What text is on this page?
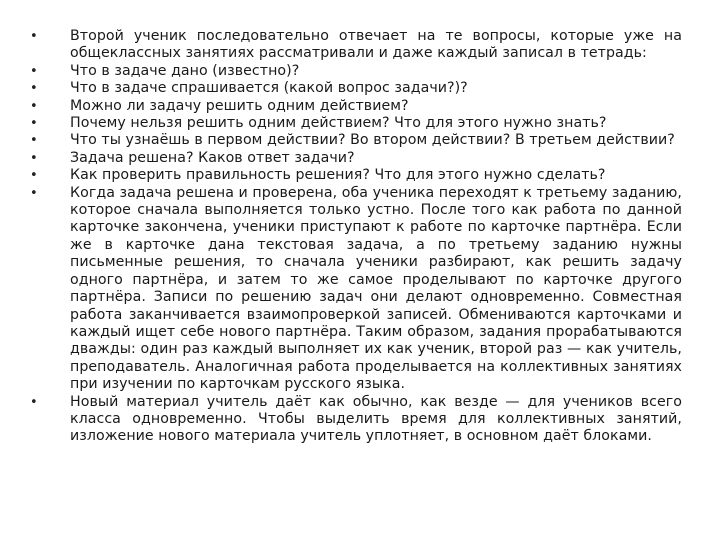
•	Второй ученик последовательно отвечает на те вопросы, которые уже на общеклассных занятиях рассматривали и даже каждый записал в тетрадь:
•	Что в задаче дано (известно)?
•	Что в задаче спрашивается (какой вопрос задачи?)?
•	Можно ли задачу решить одним действием?
•	Почему нельзя решить одним действием? Что для этого нужно знать?
•	Что ты узнаёшь в первом действии? Во втором действии? В третьем действии?
•	Задача решена? Каков ответ задачи?
•	Как проверить правильность решения? Что для этого нужно сделать?
•	Когда задача решена и проверена, оба ученика переходят к третьему заданию, которое сначала выполняется только устно. После того как работа по данной карточке закончена, ученики приступают к работе по карточке партнёра. Если же в карточке дана текстовая задача, а по третьему заданию нужны письменные решения, то сначала ученики разбирают, как решить задачу одного партнёра, и затем то же самое проделывают по карточке другого партнёра. Записи по решению задач они делают одновременно. Совместная работа заканчивается взаимопроверкой записей. Обмениваются карточками и каждый ищет себе нового партнёра. Таким образом, задания прорабатываются дважды: один раз каждый выполняет их как ученик, второй раз — как учитель, преподаватель. Аналогичная работа проделывается на коллективных занятиях при изучении по карточкам русского языка.
•	Новый материал учитель даёт как обычно, как везде — для учеников всего класса одновременно. Чтобы выделить время для коллективных занятий, изложение нового материала учитель уплотняет, в основном даёт блоками.
